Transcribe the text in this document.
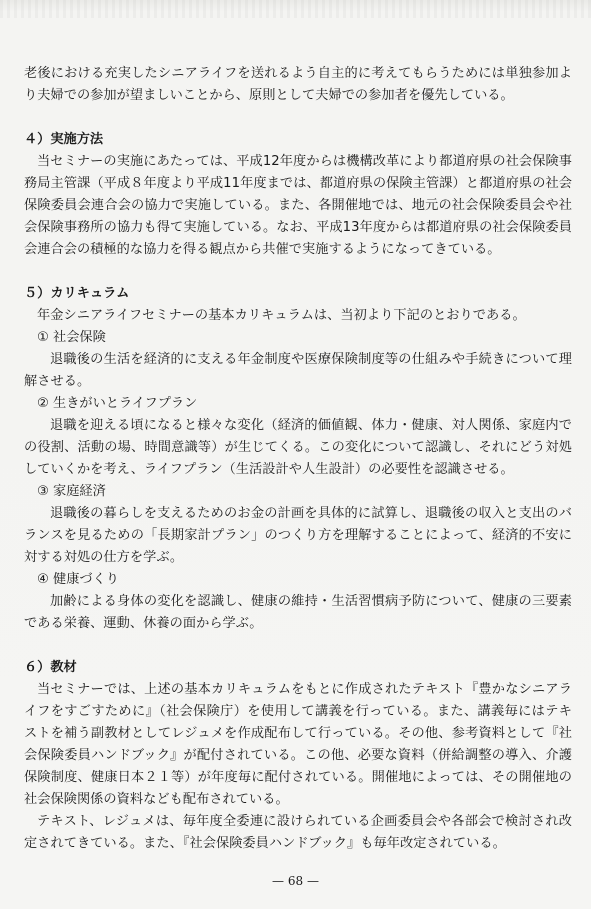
老後における充実したシニアライフを送れるよう自主的に考えてもらうためには単独参加より夫婦での参加が望ましいことから、原則として夫婦での参加者を優先している。

４）実施方法

当セミナーの実施にあたっては、平成12年度からは機構改革により都道府県の社会保険事務局主管課（平成８年度より平成11年度までは、都道府県の保険主管課）と都道府県の社会保険委員会連合会の協力で実施している。また、各開催地では、地元の社会保険委員会や社会保険事務所の協力も得て実施している。なお、平成13年度からは都道府県の社会保険委員会連合会の積極的な協力を得る観点から共催で実施するようになってきている。

５）カリキュラム

年金シニアライフセミナーの基本カリキュラムは、当初より下記のとおりである。

① 社会保険

退職後の生活を経済的に支える年金制度や医療保険制度等の仕組みや手続きについて理解させる。

② 生きがいとライフプラン

退職を迎える頃になると様々な変化（経済的価値観、体力・健康、対人関係、家庭内での役割、活動の場、時間意識等）が生じてくる。この変化について認識し、それにどう対処していくかを考え、ライフプラン（生活設計や人生設計）の必要性を認識させる。

③ 家庭経済

退職後の暮らしを支えるためのお金の計画を具体的に試算し、退職後の収入と支出のバランスを見るための「長期家計プラン」のつくり方を理解することによって、経済的不安に対する対処の仕方を学ぶ。

④ 健康づくり

加齢による身体の変化を認識し、健康の維持・生活習慣病予防について、健康の三要素である栄養、運動、休養の面から学ぶ。

６）教材

当セミナーでは、上述の基本カリキュラムをもとに作成されたテキスト『豊かなシニアライフをすごすために』（社会保険庁）を使用して講義を行っている。また、講義毎にはテキストを補う副教材としてレジュメを作成配布して行っている。その他、参考資料として『社会保険委員ハンドブック』が配付されている。この他、必要な資料（併給調整の導入、介護保険制度、健康日本２１等）が年度毎に配付されている。開催地によっては、その開催地の社会保険関係の資料なども配布されている。

テキスト、レジュメは、毎年度全委連に設けられている企画委員会や各部会で検討され改定されてきている。また、『社会保険委員ハンドブック』も毎年改定されている。

— 68 —
